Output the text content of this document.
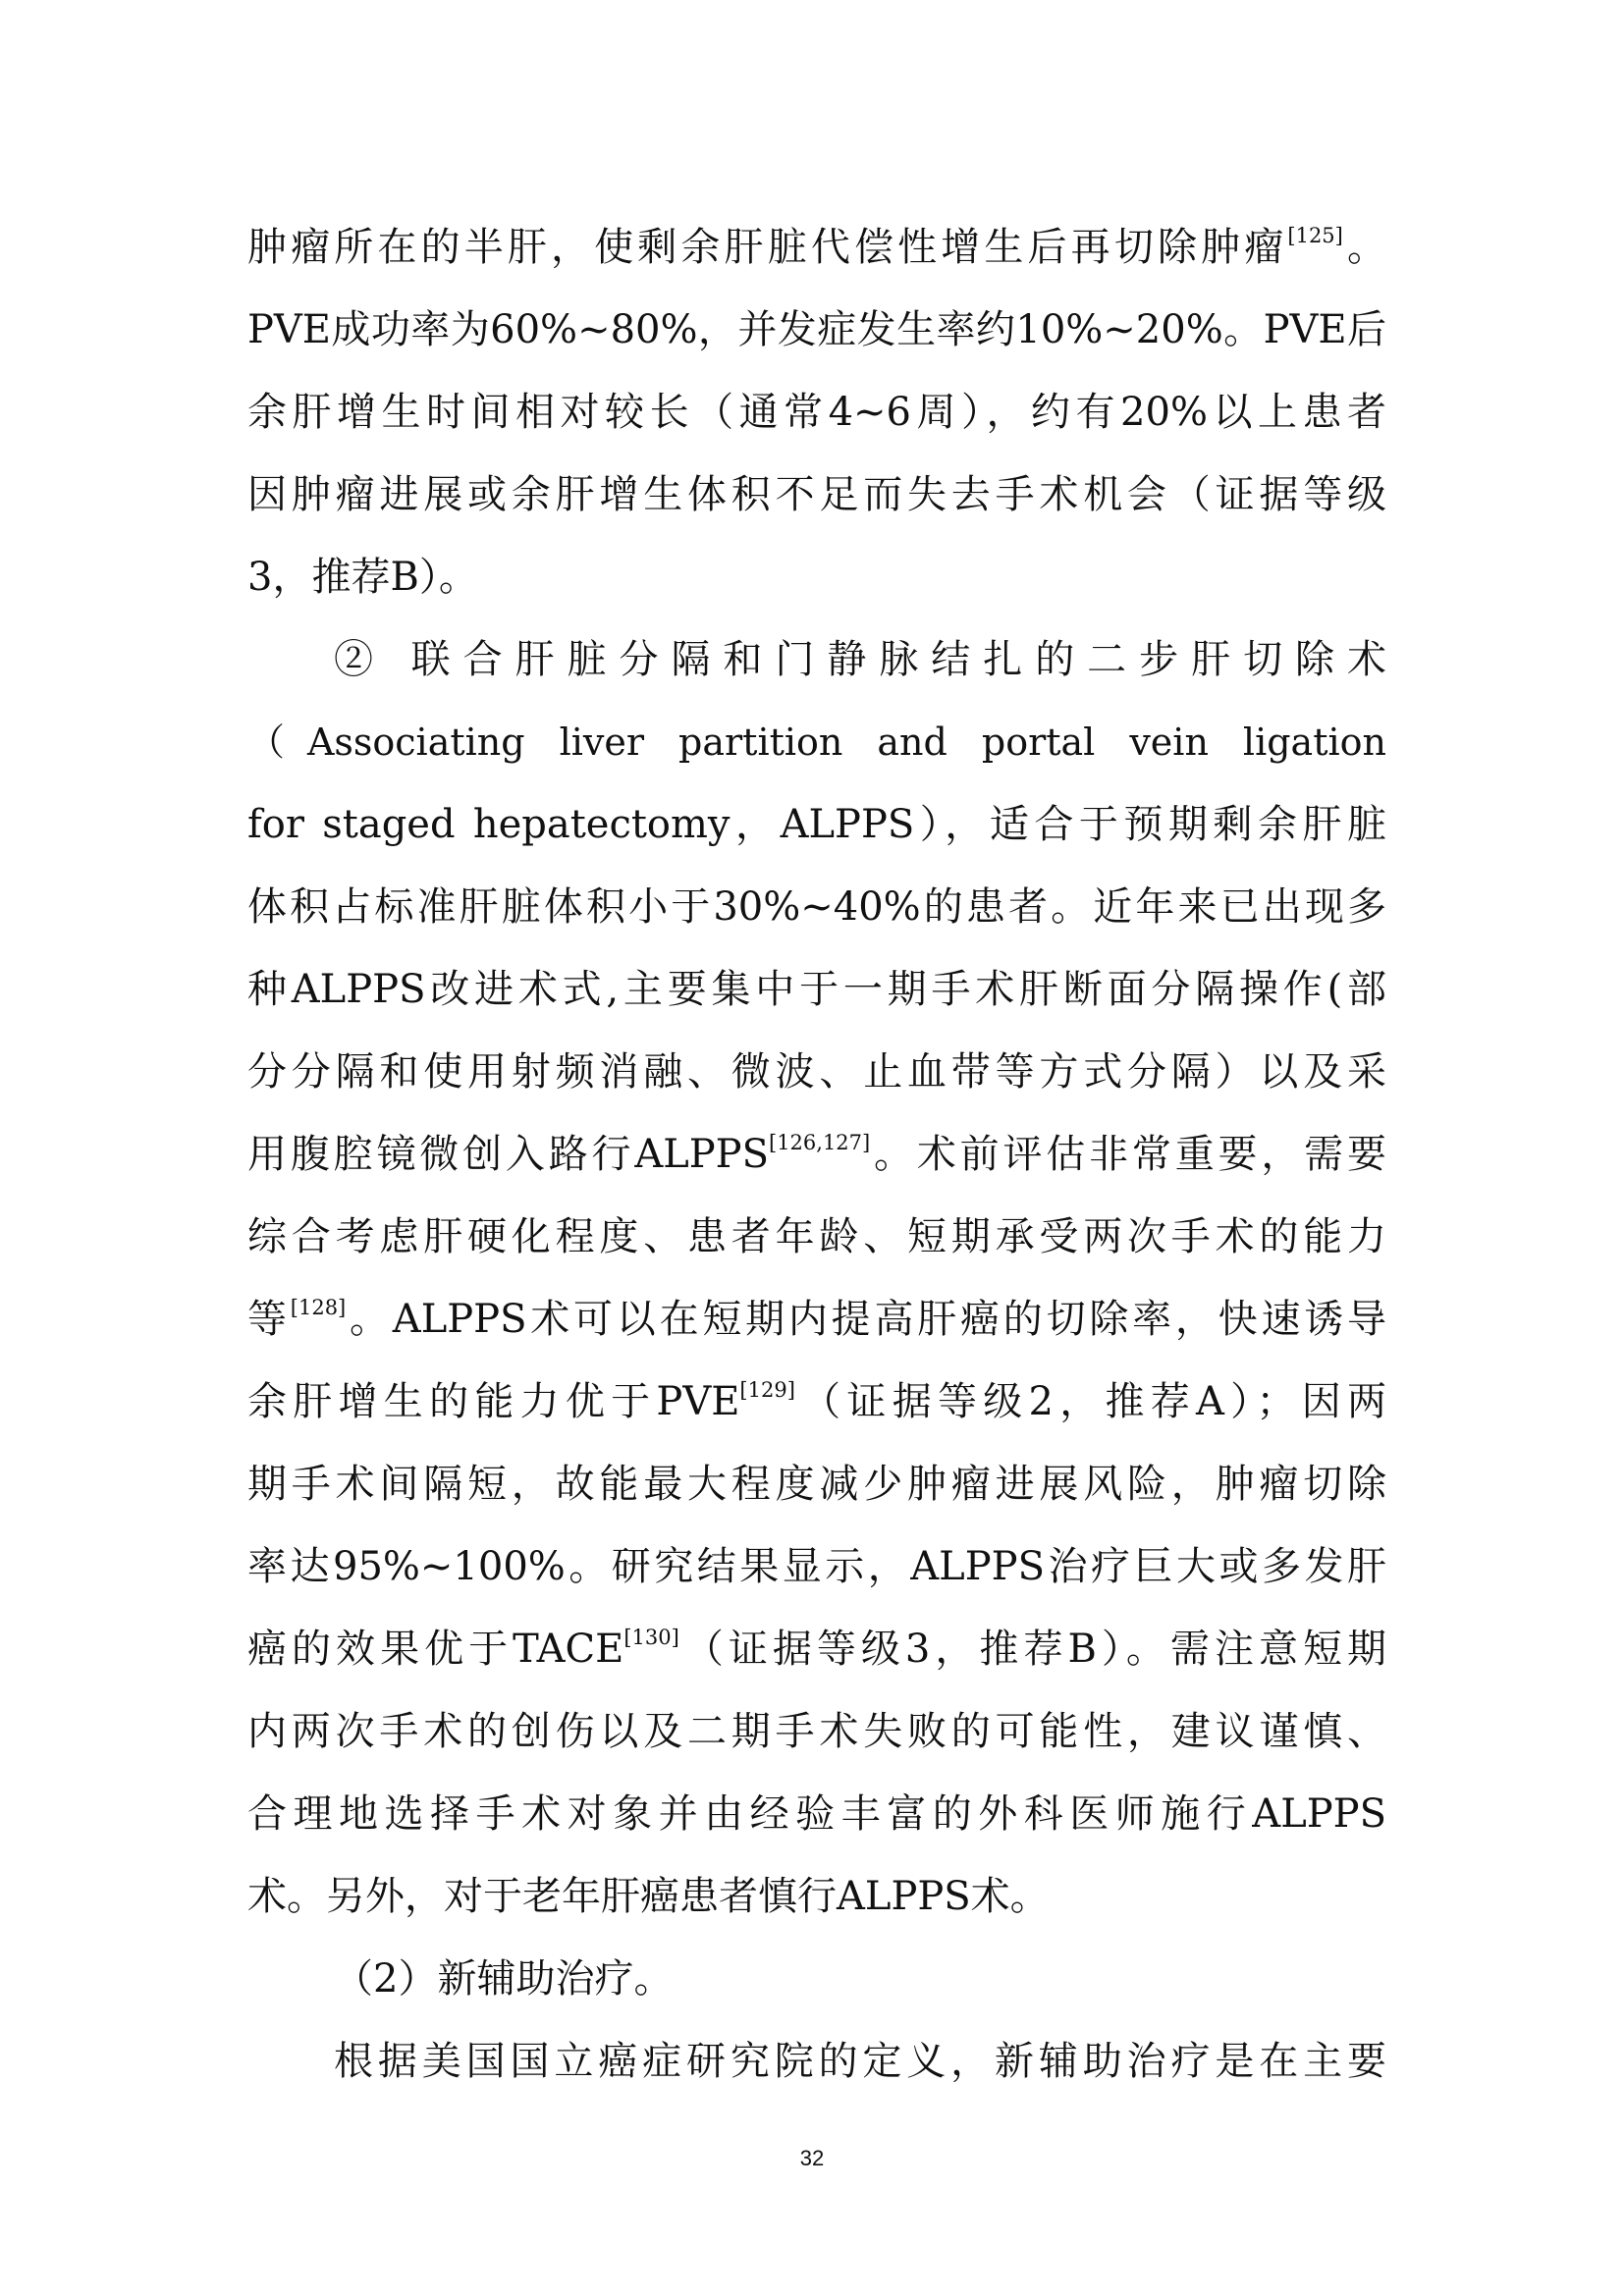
肿瘤所在的半肝，使剩余肝脏代偿性增生后再切除肿瘤[125]。
PVE成功率为60%~80%，并发症发生率约10%~20%。PVE后
余肝增生时间相对较长（通常4~6周），约有20%以上患者
因肿瘤进展或余肝增生体积不足而失去手术机会（证据等级
3，推荐B）。
② 联合肝脏分隔和门静脉结扎的二步肝切除术
（Associating liver partition and portal vein ligation
for staged hepatectomy，ALPPS），适合于预期剩余肝脏
体积占标准肝脏体积小于30%~40%的患者。近年来已出现多
种ALPPS改进术式,主要集中于一期手术肝断面分隔操作(部
分分隔和使用射频消融、微波、止血带等方式分隔）以及采
用腹腔镜微创入路行ALPPS[126,127]。术前评估非常重要，需要
综合考虑肝硬化程度、患者年龄、短期承受两次手术的能力
等[128]。ALPPS术可以在短期内提高肝癌的切除率，快速诱导
余肝增生的能力优于PVE[129]（证据等级2，推荐A）；因两
期手术间隔短，故能最大程度减少肿瘤进展风险，肿瘤切除
率达95%~100%。研究结果显示，ALPPS治疗巨大或多发肝
癌的效果优于TACE[130]（证据等级3，推荐B）。需注意短期
内两次手术的创伤以及二期手术失败的可能性，建议谨慎、
合理地选择手术对象并由经验丰富的外科医师施行ALPPS
术。另外，对于老年肝癌患者慎行ALPPS术。
（2）新辅助治疗。
根据美国国立癌症研究院的定义，新辅助治疗是在主要
32
